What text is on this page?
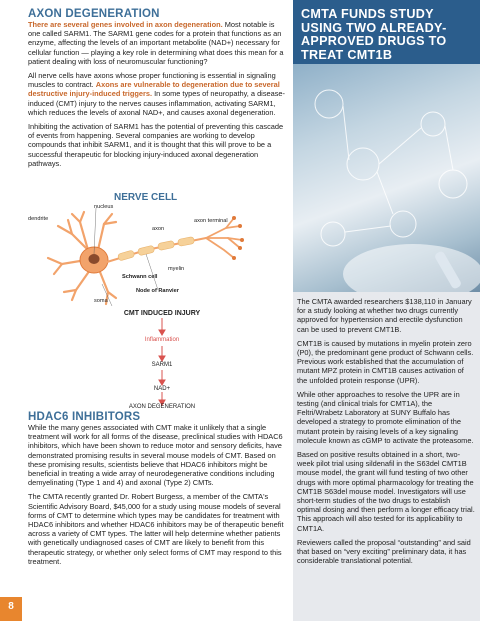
AXON DEGENERATION

There are several genes involved in axon degeneration. Most notable is one called SARM1. The SARM1 gene codes for a protein that functions as an enzyme, affecting the levels of an important metabolite (NAD+) necessary for cellular function — playing a key role in determining what does this mean for a patient dealing with loss of neuromuscular functioning?

All nerve cells have axons whose proper functioning is essential in signaling muscles to contract. Axons are vulnerable to degeneration due to several destructive injury-induced triggers. In some types of neuropathy, a disease-induced (CMT) injury to the nerves causes inflammation, activating SARM1, which reduces the levels of axonal NAD+, and causes axonal degeneration.

Inhibiting the activation of SARM1 has the potential of preventing this cascade of events from happening. Several companies are working to develop compounds that inhibit SARM1, and it is thought that this will prove to be a successful therapeutic for blocking injury-induced axonal degeneration pathways.

NERVE CELL
nucleus
dendrite
axon
axon terminal
myelin
Schwann cell
Node of Ranvier
soma
CMT INDUCED INJURY
Inflammation
SARM1
NAD+
AXON DEGENERATION
HDAC6 INHIBITORS

While the many genes associated with CMT make it unlikely that a single treatment will work for all forms of the disease, preclinical studies with HDAC6 inhibitors, which have been shown to reduce motor and sensory deficits, have demonstrated promising results in several mouse models of CMT. Based on these promising results, scientists believe that HDAC6 inhibitors might be beneficial in treating a wide array of neurodegenerative conditions including demyelinating (Type 1 and 4) and axonal (Type 2) CMTs.

The CMTA recently granted Dr. Robert Burgess, a member of the CMTA's Scientific Advisory Board, $45,000 for a study using mouse models of several forms of CMT to determine which types may be candidates for treatment with HDAC6 inhibitors and whether HDAC6 inhibitors may be of therapeutic benefit across a variety of CMT types. The latter will help determine whether patients with genetically undiagnosed cases of CMT are likely to benefit from this therapeutic strategy, or whether only select forms of CMT may respond to this treatment.

CMTA FUNDS STUDY USING TWO ALREADY-APPROVED DRUGS TO TREAT CMT1B

The CMTA awarded researchers $138,110 in January for a study looking at whether two drugs currently approved for hypertension and erectile dysfunction can be used to prevent CMT1B.

CMT1B is caused by mutations in myelin protein zero (P0), the predominant gene product of Schwann cells. Previous work established that the accumulation of mutant MPZ protein in CMT1B causes activation of the unfolded protein response (UPR).

While other approaches to resolve the UPR are in testing (and clinical trials for CMT1A), the Feltri/Wrabetz Laboratory at SUNY Buffalo has developed a strategy to promote elimination of the mutant protein by raising levels of a key signaling molecule known as cGMP to activate the proteasome.

Based on positive results obtained in a short, two-week pilot trial using sildenafil in the S63del CMT1B mouse model, the grant will fund testing of two other drugs with more optimal pharmacology for treating the CMT1B S63del mouse model. Investigators will use short-term studies of the two drugs to establish optimal dosing and then perform a longer efficacy trial. This approach will also tested for its applicability to CMT1A.

Reviewers called the proposal “outstanding” and said that based on “very exciting” preliminary data, it has considerable translational potential.

8
